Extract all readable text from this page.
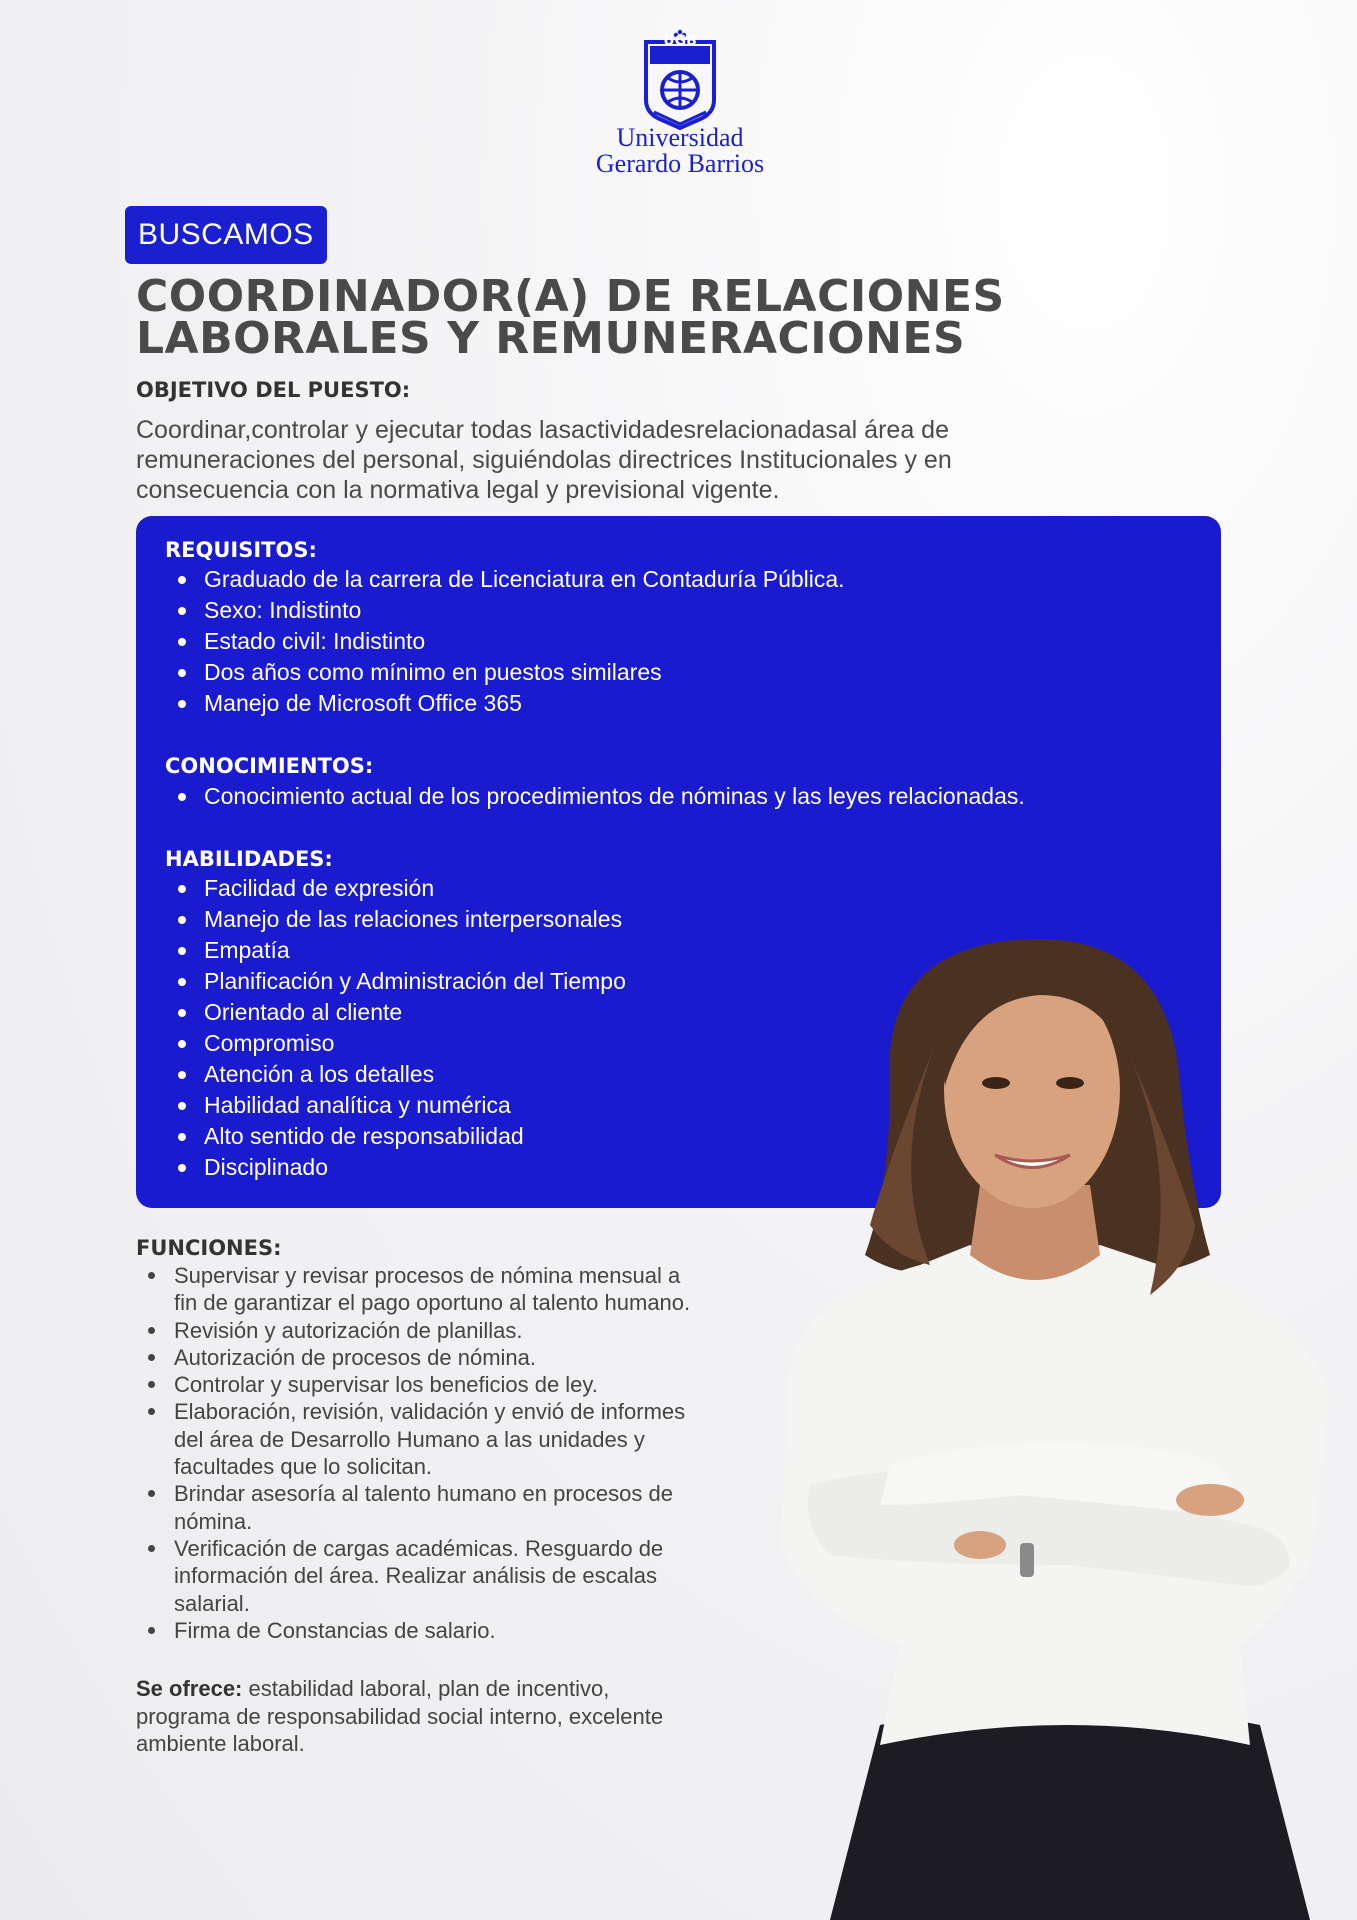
UGB
Universidad
Gerardo Barrios
BUSCAMOS
COORDINADOR(A) DE RELACIONES
LABORALES Y REMUNERACIONES
OBJETIVO DEL PUESTO:
Coordinar,controlar y ejecutar todas lasactividadesrelacionadasal área de
remuneraciones del personal, siguiéndolas directrices Institucionales y en
consecuencia con la normativa legal y previsional vigente.
REQUISITOS:
Graduado de la carrera de Licenciatura en Contaduría Pública.
Sexo: Indistinto
Estado civil: Indistinto
Dos años como mínimo en puestos similares
Manejo de Microsoft Office 365
CONOCIMIENTOS:
Conocimiento actual de los procedimientos de nóminas y las leyes relacionadas.
HABILIDADES:
Facilidad de expresión
Manejo de las relaciones interpersonales
Empatía
Planificación y Administración del Tiempo
Orientado al cliente
Compromiso
Atención a los detalles
Habilidad analítica y numérica
Alto sentido de responsabilidad
Disciplinado
FUNCIONES:
Supervisar y revisar procesos de nómina mensual a
fin de garantizar el pago oportuno al talento humano.
Revisión y autorización de planillas.
Autorización de procesos de nómina.
Controlar y supervisar los beneficios de ley.
Elaboración, revisión, validación y envió de informes
del área de Desarrollo Humano a las unidades y
facultades que lo solicitan.
Brindar asesoría al talento humano en procesos de
nómina.
Verificación de cargas académicas. Resguardo de
información del área. Realizar análisis de escalas
salarial.
Firma de Constancias de salario.
Se ofrece: estabilidad laboral, plan de incentivo,
programa de responsabilidad social interno, excelente
ambiente laboral.
